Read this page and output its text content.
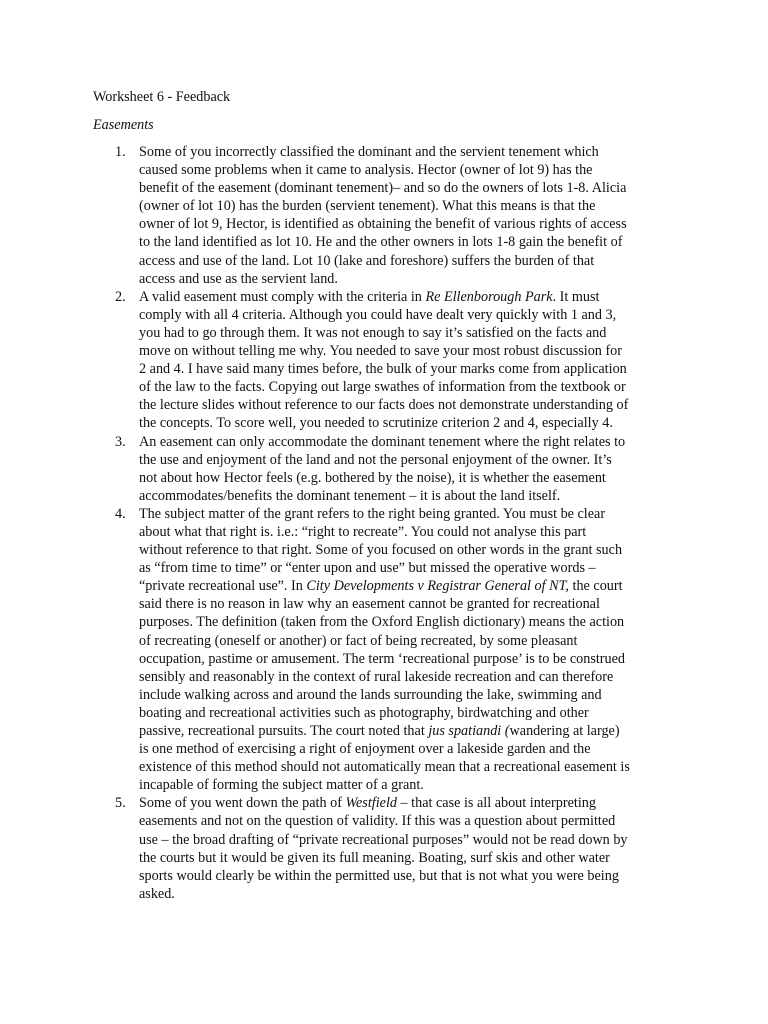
Worksheet 6 - Feedback
Easements
1. Some of you incorrectly classified the dominant and the servient tenement which
caused some problems when it came to analysis. Hector (owner of lot 9) has the
benefit of the easement (dominant tenement)– and so do the owners of lots 1-8. Alicia
(owner of lot 10) has the burden (servient tenement). What this means is that the
owner of lot 9, Hector, is identified as obtaining the benefit of various rights of access
to the land identified as lot 10. He and the other owners in lots 1-8 gain the benefit of
access and use of the land. Lot 10 (lake and foreshore) suffers the burden of that
access and use as the servient land.
2. A valid easement must comply with the criteria in Re Ellenborough Park. It must
comply with all 4 criteria. Although you could have dealt very quickly with 1 and 3,
you had to go through them. It was not enough to say it’s satisfied on the facts and
move on without telling me why. You needed to save your most robust discussion for
2 and 4. I have said many times before, the bulk of your marks come from application
of the law to the facts. Copying out large swathes of information from the textbook or
the lecture slides without reference to our facts does not demonstrate understanding of
the concepts. To score well, you needed to scrutinize criterion 2 and 4, especially 4.
3. An easement can only accommodate the dominant tenement where the right relates to
the use and enjoyment of the land and not the personal enjoyment of the owner. It’s
not about how Hector feels (e.g. bothered by the noise), it is whether the easement
accommodates/benefits the dominant tenement – it is about the land itself.
4. The subject matter of the grant refers to the right being granted. You must be clear
about what that right is. i.e.: “right to recreate”. You could not analyse this part
without reference to that right. Some of you focused on other words in the grant such
as “from time to time” or “enter upon and use” but missed the operative words –
“private recreational use”. In City Developments v Registrar General of NT, the court
said there is no reason in law why an easement cannot be granted for recreational
purposes. The definition (taken from the Oxford English dictionary) means the action
of recreating (oneself or another) or fact of being recreated, by some pleasant
occupation, pastime or amusement. The term ‘recreational purpose’ is to be construed
sensibly and reasonably in the context of rural lakeside recreation and can therefore
include walking across and around the lands surrounding the lake, swimming and
boating and recreational activities such as photography, birdwatching and other
passive, recreational pursuits. The court noted that jus spatiandi (wandering at large)
is one method of exercising a right of enjoyment over a lakeside garden and the
existence of this method should not automatically mean that a recreational easement is
incapable of forming the subject matter of a grant.
5. Some of you went down the path of Westfield – that case is all about interpreting
easements and not on the question of validity. If this was a question about permitted
use – the broad drafting of “private recreational purposes” would not be read down by
the courts but it would be given its full meaning. Boating, surf skis and other water
sports would clearly be within the permitted use, but that is not what you were being
asked.
